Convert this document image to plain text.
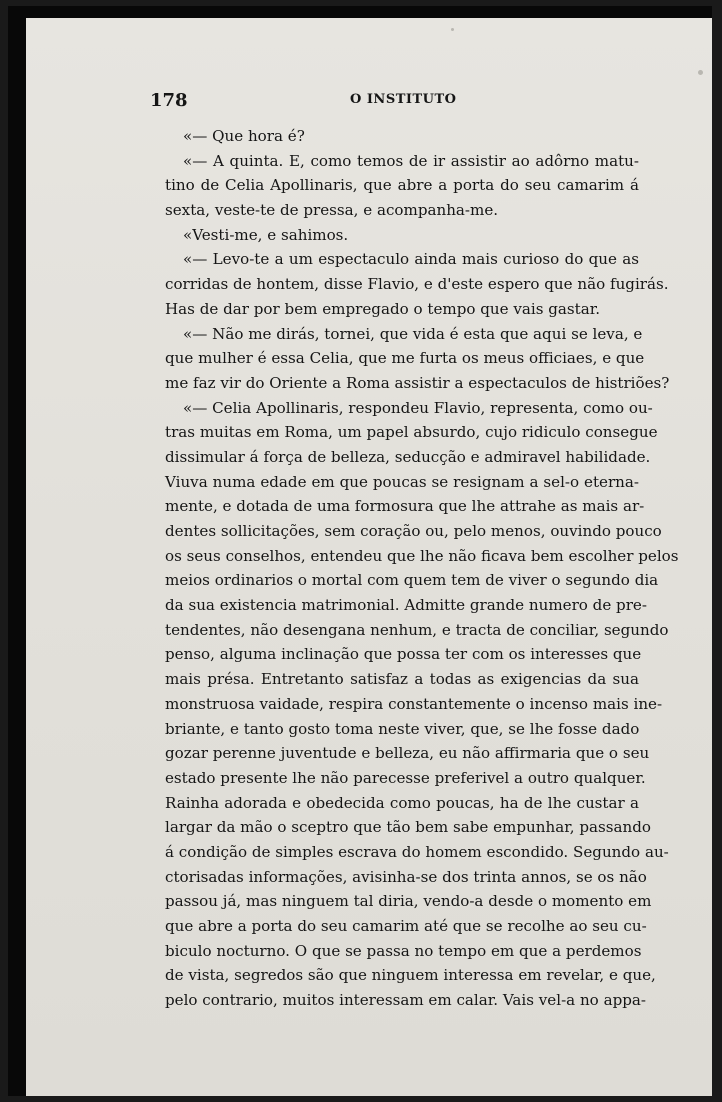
178	O INSTITUTO
«— Que hora é?
«— A quinta. E, como temos de ir assistir ao adôrno matu-
tino de Celia Apollinaris, que abre a porta do seu camarim á
sexta, veste-te de pressa, e acompanha-me.
«Vesti-me, e sahimos.
«— Levo-te a um espectaculo ainda mais curioso do que as
corridas de hontem, disse Flavio, e d'este espero que não fugirás.
Has de dar por bem empregado o tempo que vais gastar.
«— Não me dirás, tornei, que vida é esta que aqui se leva, e
que mulher é essa Celia, que me furta os meus officiaes, e que
me faz vir do Oriente a Roma assistir a espectaculos de histriões?
«— Celia Apollinaris, respondeu Flavio, representa, como ou-
tras muitas em Roma, um papel absurdo, cujo ridiculo consegue
dissimular á força de belleza, seducção e admiravel habilidade.
Viuva numa edade em que poucas se resignam a sel-o eterna-
mente, e dotada de uma formosura que lhe attrahe as mais ar-
dentes sollicitações, sem coração ou, pelo menos, ouvindo pouco
os seus conselhos, entendeu que lhe não ficava bem escolher pelos
meios ordinarios o mortal com quem tem de viver o segundo dia
da sua existencia matrimonial. Admitte grande numero de pre-
tendentes, não desengana nenhum, e tracta de conciliar, segundo
penso, alguma inclinação que possa ter com os interesses que
mais présa. Entretanto satisfaz a todas as exigencias da sua
monstruosa vaidade, respira constantemente o incenso mais ine-
briante, e tanto gosto toma neste viver, que, se lhe fosse dado
gozar perenne juventude e belleza, eu não affirmaria que o seu
estado presente lhe não parecesse preferivel a outro qualquer.
Rainha adorada e obedecida como poucas, ha de lhe custar a
largar da mão o sceptro que tão bem sabe empunhar, passando
á condição de simples escrava do homem escondido. Segundo au-
ctorisadas informações, avisinha-se dos trinta annos, se os não
passou já, mas ninguem tal diria, vendo-a desde o momento em
que abre a porta do seu camarim até que se recolhe ao seu cu-
biculo nocturno. O que se passa no tempo em que a perdemos
de vista, segredos são que ninguem interessa em revelar, e que,
pelo contrario, muitos interessam em calar. Vais vel-a no appa-
